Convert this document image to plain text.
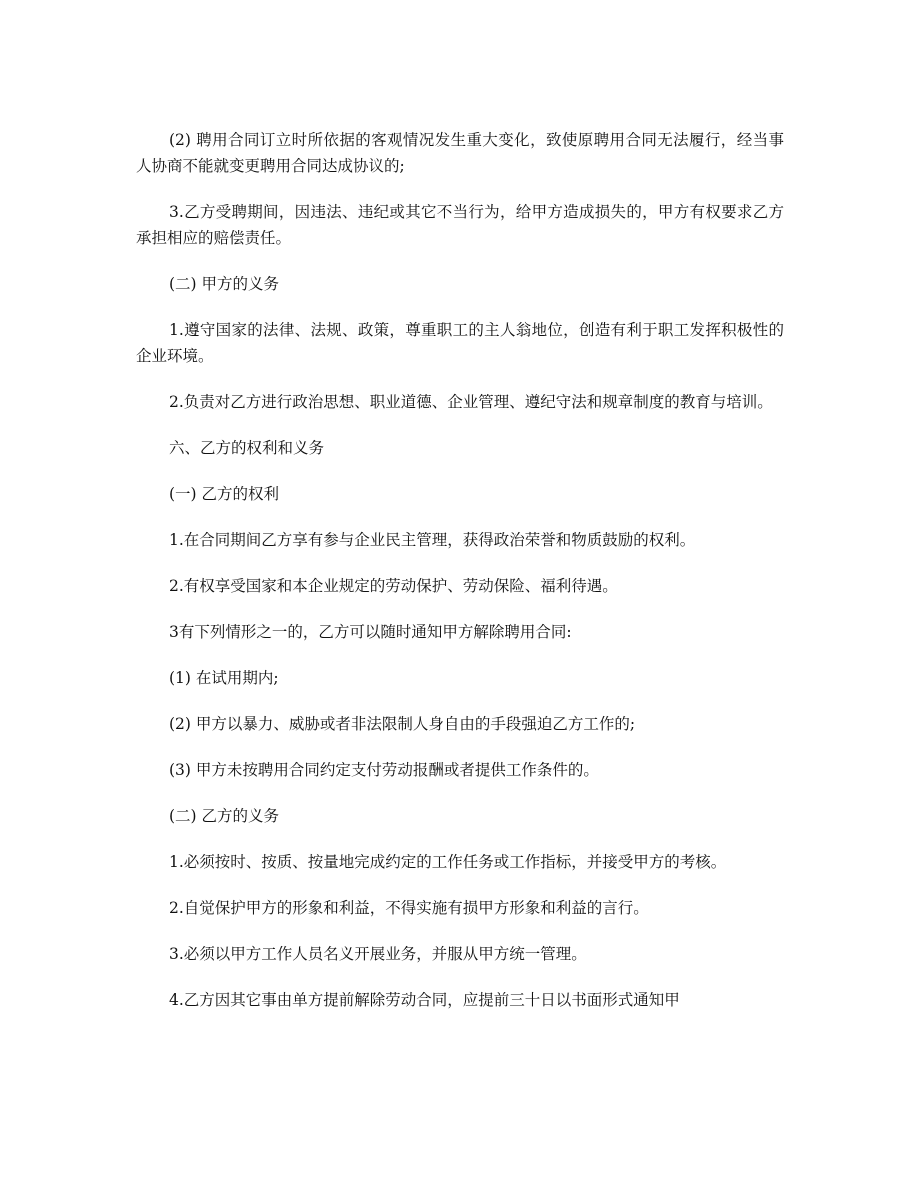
(2) 聘用合同订立时所依据的客观情况发生重大变化，致使原聘用合同无法履行，经当事人协商不能就变更聘用合同达成协议的;

3.乙方受聘期间，因违法、违纪或其它不当行为，给甲方造成损失的，甲方有权要求乙方承担相应的赔偿责任。

(二) 甲方的义务

1.遵守国家的法律、法规、政策，尊重职工的主人翁地位，创造有利于职工发挥积极性的企业环境。

2.负责对乙方进行政治思想、职业道德、企业管理、遵纪守法和规章制度的教育与培训。

六、乙方的权利和义务

(一) 乙方的权利

1.在合同期间乙方享有参与企业民主管理，获得政治荣誉和物质鼓励的权利。

2.有权享受国家和本企业规定的劳动保护、劳动保险、福利待遇。

3有下列情形之一的，乙方可以随时通知甲方解除聘用合同:

(1) 在试用期内;

(2) 甲方以暴力、威胁或者非法限制人身自由的手段强迫乙方工作的;

(3) 甲方未按聘用合同约定支付劳动报酬或者提供工作条件的。

(二) 乙方的义务

1.必须按时、按质、按量地完成约定的工作任务或工作指标，并接受甲方的考核。

2.自觉保护甲方的形象和利益，不得实施有损甲方形象和利益的言行。

3.必须以甲方工作人员名义开展业务，并服从甲方统一管理。

4.乙方因其它事由单方提前解除劳动合同，应提前三十日以书面形式通知甲
